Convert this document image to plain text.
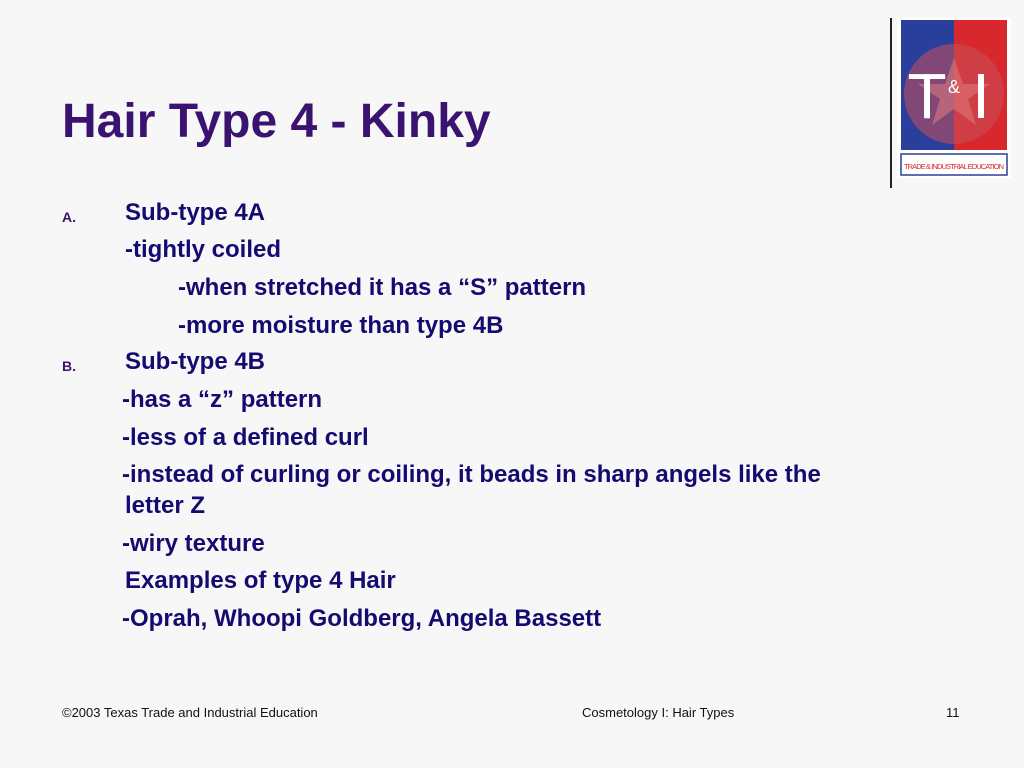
Hair Type 4 - Kinky	T & I
TRADE & INDUSTRIAL EDUCATION
A. Sub-type 4A
-tightly coiled
-when stretched it has a “S” pattern
-more moisture than type 4B
B. Sub-type 4B
-has a “z” pattern
-less of a defined curl
-instead of curling or coiling, it beads in sharp angels like the
letter Z
-wiry texture
Examples of type 4 Hair
-Oprah, Whoopi Goldberg, Angela Bassett
©2003 Texas Trade and Industrial Education	Cosmetology I: Hair Types	11
